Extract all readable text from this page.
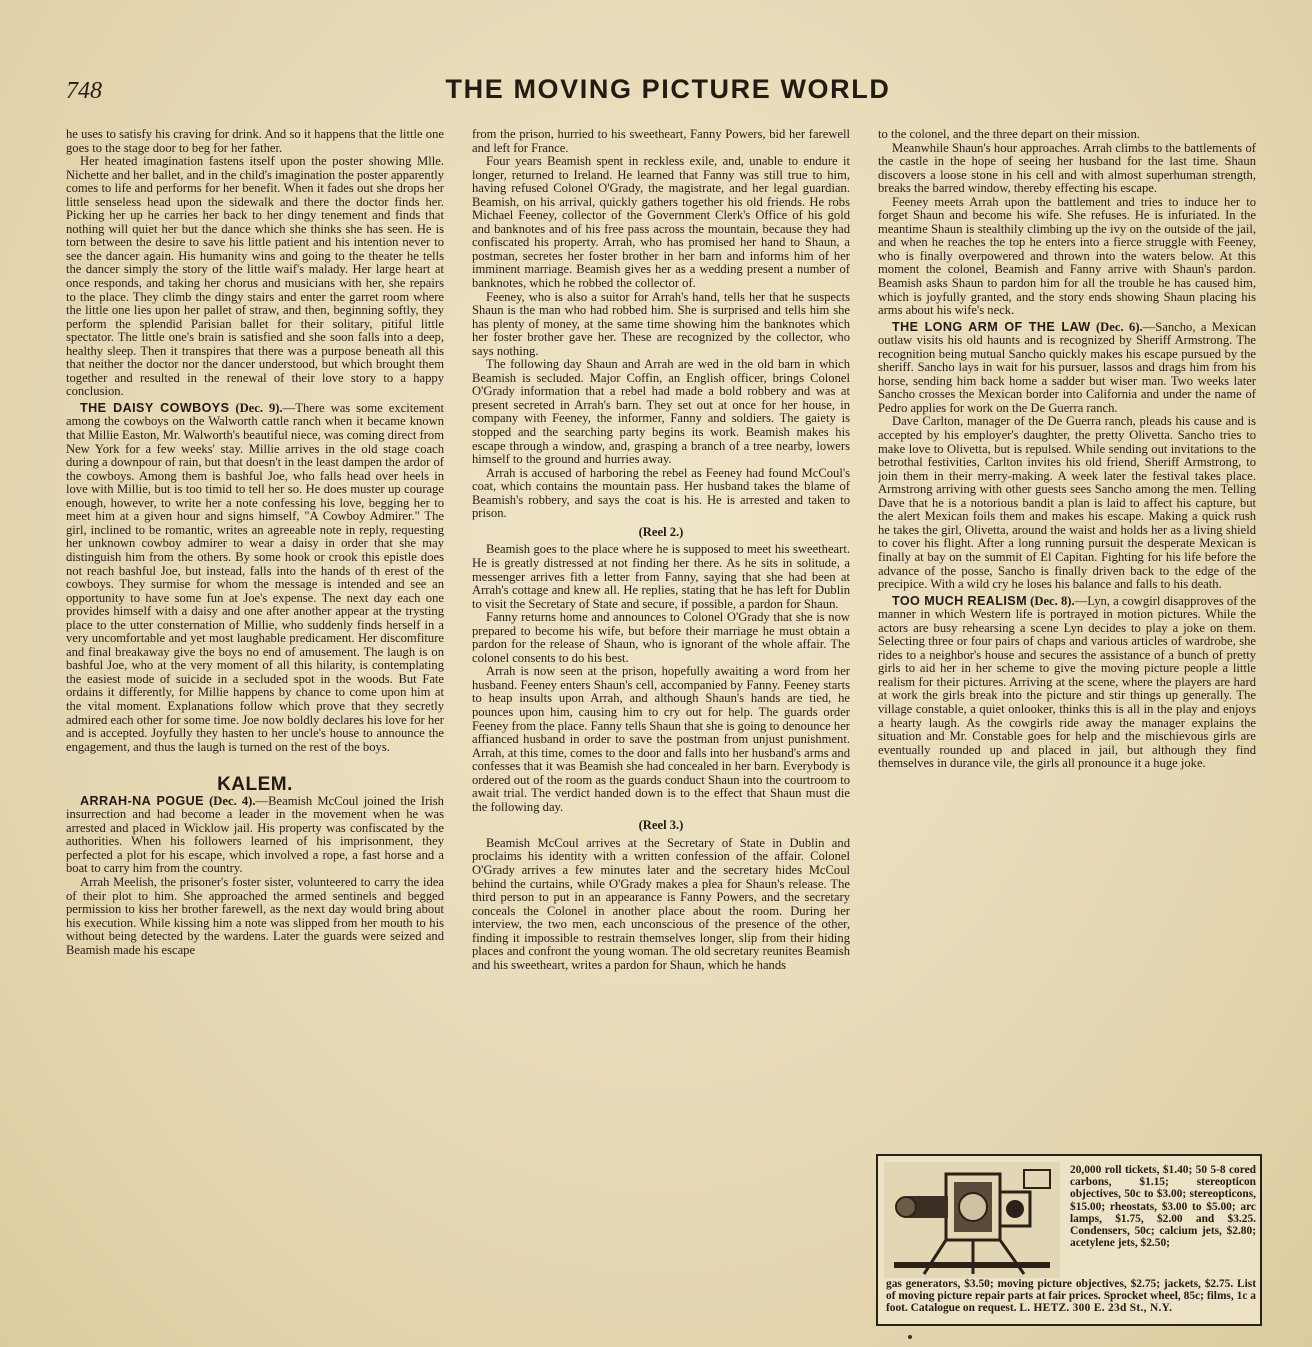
748	THE MOVING PICTURE WORLD

he uses to satisfy his craving for drink. And so it happens that the little one goes to the stage door to beg for her father.

Her heated imagination fastens itself upon the poster showing Mlle. Nichette and her ballet, and in the child's imagination the poster apparently comes to life and performs for her benefit. When it fades out she drops her little senseless head upon the sidewalk and there the doctor finds her. Picking her up he carries her back to her dingy tenement and finds that nothing will quiet her but the dance which she thinks she has seen. He is torn between the desire to save his little patient and his intention never to see the dancer again. His humanity wins and going to the theater he tells the dancer simply the story of the little waif's malady. Her large heart at once responds, and taking her chorus and musicians with her, she repairs to the place. They climb the dingy stairs and enter the garret room where the little one lies upon her pallet of straw, and then, beginning softly, they perform the splendid Parisian ballet for their solitary, pitiful little spectator. The little one's brain is satisfied and she soon falls into a deep, healthy sleep. Then it transpires that there was a purpose beneath all this that neither the doctor nor the dancer understood, but which brought them together and resulted in the renewal of their love story to a happy conclusion.

THE DAISY COWBOYS (Dec. 9).—There was some excitement among the cowboys on the Walworth cattle ranch when it became known that Millie Easton, Mr. Walworth's beautiful niece, was coming direct from New York for a few weeks' stay. Millie arrives in the old stage coach during a downpour of rain, but that doesn't in the least dampen the ardor of the cowboys. Among them is bashful Joe, who falls head over heels in love with Millie, but is too timid to tell her so. He does muster up courage enough, however, to write her a note confessing his love, begging her to meet him at a given hour and signs himself, "A Cowboy Admirer." The girl, inclined to be romantic, writes an agreeable note in reply, requesting her unknown cowboy admirer to wear a daisy in order that she may distinguish him from the others. By some hook or crook this epistle does not reach bashful Joe, but instead, falls into the hands of th erest of the cowboys. They surmise for whom the message is intended and see an opportunity to have some fun at Joe's expense. The next day each one provides himself with a daisy and one after another appear at the trysting place to the utter consternation of Millie, who suddenly finds herself in a very uncomfortable and yet most laughable predicament. Her discomfiture and final breakaway give the boys no end of amusement. The laugh is on bashful Joe, who at the very moment of all this hilarity, is contemplating the easiest mode of suicide in a secluded spot in the woods. But Fate ordains it differently, for Millie happens by chance to come upon him at the vital moment. Explanations follow which prove that they secretly admired each other for some time. Joe now boldly declares his love for her and is accepted. Joyfully they hasten to her uncle's house to announce the engagement, and thus the laugh is turned on the rest of the boys.

KALEM.

ARRAH-NA POGUE (Dec. 4).—Beamish McCoul joined the Irish insurrection and had become a leader in the movement when he was arrested and placed in Wicklow jail. His property was confiscated by the authorities. When his followers learned of his imprisonment, they perfected a plot for his escape, which involved a rope, a fast horse and a boat to carry him from the country.

Arrah Meelish, the prisoner's foster sister, volunteered to carry the idea of their plot to him. She approached the armed sentinels and begged permission to kiss her brother farewell, as the next day would bring about his execution. While kissing him a note was slipped from her mouth to his without being detected by the wardens. Later the guards were seized and Beamish made his escape

from the prison, hurried to his sweetheart, Fanny Powers, bid her farewell and left for France.

Four years Beamish spent in reckless exile, and, unable to endure it longer, returned to Ireland. He learned that Fanny was still true to him, having refused Colonel O'Grady, the magistrate, and her legal guardian. Beamish, on his arrival, quickly gathers together his old friends. He robs Michael Feeney, collector of the Government Clerk's Office of his gold and banknotes and of his free pass across the mountain, because they had confiscated his property. Arrah, who has promised her hand to Shaun, a postman, secretes her foster brother in her barn and informs him of her imminent marriage. Beamish gives her as a wedding present a number of banknotes, which he robbed the collector of.

Feeney, who is also a suitor for Arrah's hand, tells her that he suspects Shaun is the man who had robbed him. She is surprised and tells him she has plenty of money, at the same time showing him the banknotes which her foster brother gave her. These are recognized by the collector, who says nothing.

The following day Shaun and Arrah are wed in the old barn in which Beamish is secluded. Major Coffin, an English officer, brings Colonel O'Grady information that a rebel had made a bold robbery and was at present secreted in Arrah's barn. They set out at once for her house, in company with Feeney, the informer, Fanny and soldiers. The gaiety is stopped and the searching party begins its work. Beamish makes his escape through a window, and, grasping a branch of a tree nearby, lowers himself to the ground and hurries away.

Arrah is accused of harboring the rebel as Feeney had found McCoul's coat, which contains the mountain pass. Her husband takes the blame of Beamish's robbery, and says the coat is his. He is arrested and taken to prison.

(Reel 2.)

Beamish goes to the place where he is supposed to meet his sweetheart. He is greatly distressed at not finding her there. As he sits in solitude, a messenger arrives fith a letter from Fanny, saying that she had been at Arrah's cottage and knew all. He replies, stating that he has left for Dublin to visit the Secretary of State and secure, if possible, a pardon for Shaun.

Fanny returns home and announces to Colonel O'Grady that she is now prepared to become his wife, but before their marriage he must obtain a pardon for the release of Shaun, who is ignorant of the whole affair. The colonel consents to do his best.

Arrah is now seen at the prison, hopefully awaiting a word from her husband. Feeney enters Shaun's cell, accompanied by Fanny. Feeney starts to heap insults upon Arrah, and although Shaun's hands are tied, he pounces upon him, causing him to cry out for help. The guards order Feeney from the place. Fanny tells Shaun that she is going to denounce her affianced husband in order to save the postman from unjust punishment. Arrah, at this time, comes to the door and falls into her husband's arms and confesses that it was Beamish she had concealed in her barn. Everybody is ordered out of the room as the guards conduct Shaun into the courtroom to await trial. The verdict handed down is to the effect that Shaun must die the following day.

(Reel 3.)

Beamish McCoul arrives at the Secretary of State in Dublin and proclaims his identity with a written confession of the affair. Colonel O'Grady arrives a few minutes later and the secretary hides McCoul behind the curtains, while O'Grady makes a plea for Shaun's release. The third person to put in an appearance is Fanny Powers, and the secretary conceals the Colonel in another place about the room. During her interview, the two men, each unconscious of the presence of the other, finding it impossible to restrain themselves longer, slip from their hiding places and confront the young woman. The old secretary reunites Beamish and his sweetheart, writes a pardon for Shaun, which he hands

to the colonel, and the three depart on their mission.

Meanwhile Shaun's hour approaches. Arrah climbs to the battlements of the castle in the hope of seeing her husband for the last time. Shaun discovers a loose stone in his cell and with almost superhuman strength, breaks the barred window, thereby effecting his escape.

Feeney meets Arrah upon the battlement and tries to induce her to forget Shaun and become his wife. She refuses. He is infuriated. In the meantime Shaun is stealthily climbing up the ivy on the outside of the jail, and when he reaches the top he enters into a fierce struggle with Feeney, who is finally overpowered and thrown into the waters below. At this moment the colonel, Beamish and Fanny arrive with Shaun's pardon. Beamish asks Shaun to pardon him for all the trouble he has caused him, which is joyfully granted, and the story ends showing Shaun placing his arms about his wife's neck.

THE LONG ARM OF THE LAW (Dec. 6).—Sancho, a Mexican outlaw visits his old haunts and is recognized by Sheriff Armstrong. The recognition being mutual Sancho quickly makes his escape pursued by the sheriff. Sancho lays in wait for his pursuer, lassos and drags him from his horse, sending him back home a sadder but wiser man. Two weeks later Sancho crosses the Mexican border into California and under the name of Pedro applies for work on the De Guerra ranch.

Dave Carlton, manager of the De Guerra ranch, pleads his cause and is accepted by his employer's daughter, the pretty Olivetta. Sancho tries to make love to Olivetta, but is repulsed. While sending out invitations to the betrothal festivities, Carlton invites his old friend, Sheriff Armstrong, to join them in their merry-making. A week later the festival takes place. Armstrong arriving with other guests sees Sancho among the men. Telling Dave that he is a notorious bandit a plan is laid to affect his capture, but the alert Mexican foils them and makes his escape. Making a quick rush he takes the girl, Olivetta, around the waist and holds her as a living shield to cover his flight. After a long running pursuit the desperate Mexican is finally at bay on the summit of El Capitan. Fighting for his life before the advance of the posse, Sancho is finally driven back to the edge of the precipice. With a wild cry he loses his balance and falls to his death.

TOO MUCH REALISM (Dec. 8).—Lyn, a cowgirl disapproves of the manner in which Western life is portrayed in motion pictures. While the actors are busy rehearsing a scene Lyn decides to play a joke on them. Selecting three or four pairs of chaps and various articles of wardrobe, she rides to a neighbor's house and secures the assistance of a bunch of pretty girls to aid her in her scheme to give the moving picture people a little realism for their pictures. Arriving at the scene, where the players are hard at work the girls break into the picture and stir things up generally. The village constable, a quiet onlooker, thinks this is all in the play and enjoys a hearty laugh. As the cowgirls ride away the manager explains the situation and Mr. Constable goes for help and the mischievous girls are eventually rounded up and placed in jail, but although they find themselves in durance vile, the girls all pronounce it a huge joke.

20,000 roll tickets, $1.40; 50 5-8 cored carbons, $1.15; stereopticon objectives, 50c to $3.00; stereopticons, $15.00; rheostats, $3.00 to $5.00; arc lamps, $1.75, $2.00 and $3.25. Condensers, 50c; calcium jets, $2.80; acetylene jets, $2.50;
gas generators, $3.50; moving picture objectives, $2.75; jackets, $2.75. List of moving picture repair parts at fair prices. Sprocket wheel, 85c; films, 1c a foot. Catalogue on request. L. HETZ. 300 E. 23d St., N.Y.
